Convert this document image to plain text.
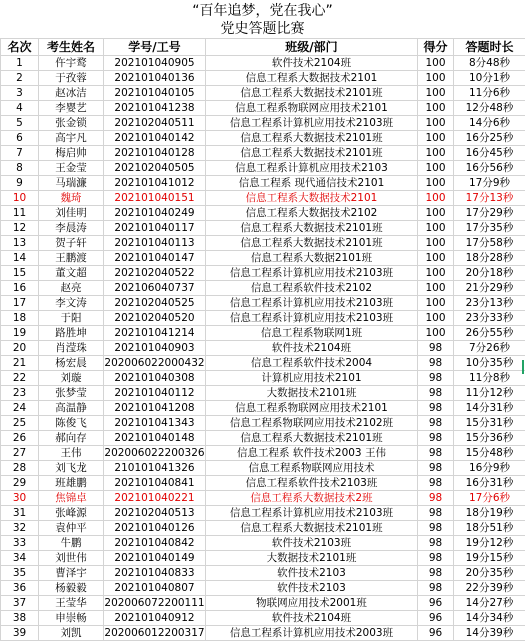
“百年追梦，党在我心”
党史答题比赛
名次	考生姓名	学号/工号	班级/部门	得分	答题时长
1	仵宇鹜	202101040905	软件技术2104班	100	8分48秒
2	于孜蓉	202101040136	信息工程系大数据技术2101	100	10分1秒
3	赵冰洁	202101040105	信息工程系大数据技术2101班	100	11分6秒
4	李婴艺	202101041238	信息工程系物联网应用技术2101	100	12分48秒
5	张金锁	202102040511	信息工程系计算机应用技术2103班	100	14分6秒
6	高宇凡	202101040142	信息工程系大数据技术2101班	100	16分25秒
7	梅启帅	202101040128	信息工程系大数据技术2101班	100	16分45秒
8	王金莹	202102040505	信息工程系计算机应用技术2103	100	16分56秒
9	马瑞濂	202101041012	信息工程系 现代通信技术2101	100	17分9秒
10	魏琦	202101040151	信息工程系大数据技术2101	100	17分13秒
11	刘佳明	202101040249	信息工程系大数据技术2102	100	17分29秒
12	李晨涛	202101040117	信息工程系大数据技术2101班	100	17分35秒
13	贺子轩	202101040113	信息工程系大数据技术2101班	100	17分58秒
14	王鹏渡	202101040147	信息工程系大数据2101班	100	18分28秒
15	董文超	202102040522	信息工程系计算机应用技术2103班	100	20分18秒
16	赵亮	202106040737	信息工程系软件技术2102	100	21分29秒
17	李文涛	202102040525	信息工程系计算机应用技术2103班	100	23分13秒
18	于阳	202102040520	信息工程系计算机应用技术2103班	100	23分33秒
19	路胜坤	202101041214	信息工程系物联网1班	100	26分55秒
20	肖滢珠	202101040903	软件技术2104班	98	7分26秒
21	杨宏晨	202006022000432	信息工程系软件技术2004	98	10分35秒
22	刘璇	202101040308	计算机应用技术2101	98	11分8秒
23	张梦莹	202101040112	大数据技术2101班	98	11分12秒
24	高温静	202101041208	信息工程系物联网应用技术2101	98	14分31秒
25	陈俊飞	202101041343	信息工程系物联网应用技术2102班	98	15分31秒
26	郝向存	202101040148	信息工程系大数据技术2101班	98	15分36秒
27	王伟	202006022200326	信息工程系 软件技术2003 王伟	98	15分48秒
28	刘飞龙	210101041326	信息工程系物联网应用技术	98	16分9秒
29	班雄鹏	202101040841	信息工程系软件技术2103班	98	16分31秒
30	焦锦卓	202101040221	信息工程系大数据技术2班	98	17分6秒
31	张峰源	202102040513	信息工程系计算机应用技术2103班	98	18分19秒
32	袁仲平	202101040126	信息工程系大数据技术2101班	98	18分51秒
33	牛鹏	202101040842	软件技术2103班	98	19分12秒
34	刘世伟	202101040149	大数据技术2101班	98	19分15秒
35	曹泽宇	202101040833	软件技术2103	98	20分35秒
36	杨毅毅	202101040807	软件技术2103	98	22分39秒
37	王莹华	202006072200111	物联网应用技术2001班	96	14分27秒
38	申崇畅	202101040912	软件技术2104班	96	14分34秒
39	刘凯	202006012200317	信息工程系计算机应用技术2003班	96	14分39秒
